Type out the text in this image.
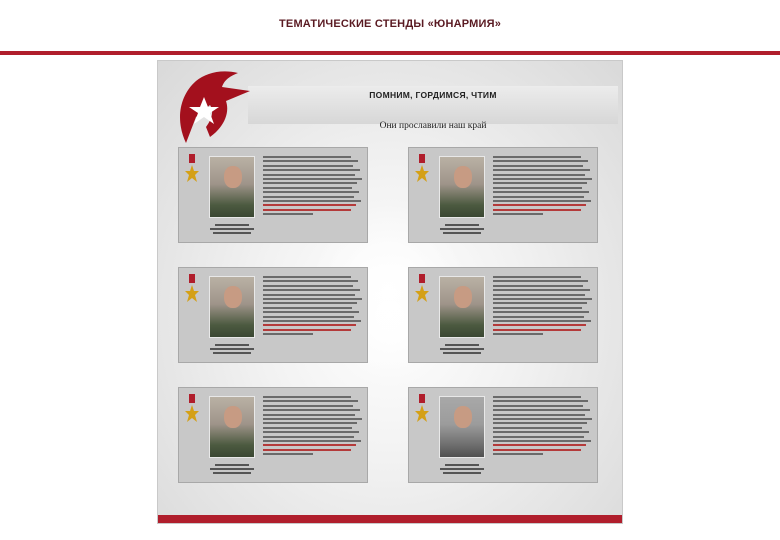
ТЕМАТИЧЕСКИЕ СТЕНДЫ «ЮНАРМИЯ»
ПОМНИМ, ГОРДИМСЯ, ЧТИМ
Они прославили наш край
